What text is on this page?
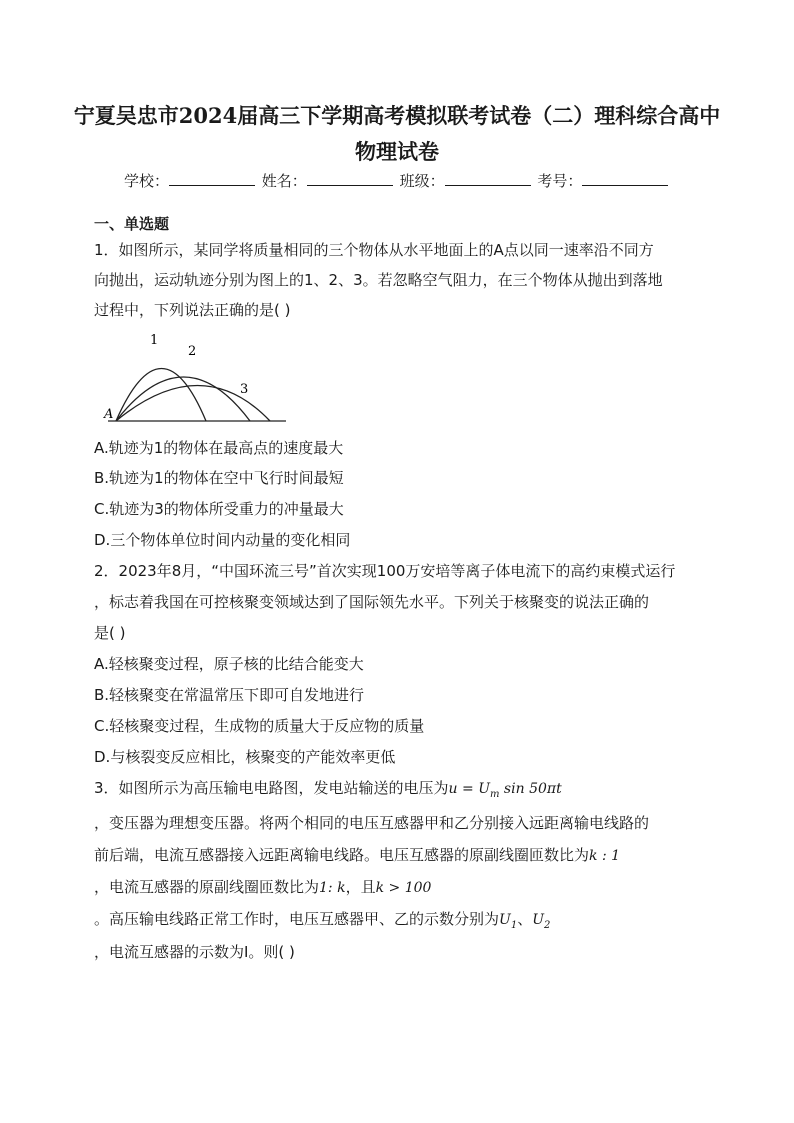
宁夏吴忠市2024届高三下学期高考模拟联考试卷（二）理科综合高中
物理试卷
学校：	姓名：	班级：	考号：
一、单选题
1．如图所示，某同学将质量相同的三个物体从水平地面上的A点以同一速率沿不同方
向抛出，运动轨迹分别为图上的1、2、3。若忽略空气阻力，在三个物体从抛出到落地
过程中，下列说法正确的是( )
1
2
3
A
A.轨迹为1的物体在最高点的速度最大
B.轨迹为1的物体在空中飞行时间最短
C.轨迹为3的物体所受重力的冲量最大
D.三个物体单位时间内动量的变化相同
2．2023年8月，“中国环流三号”首次实现100万安培等离子体电流下的高约束模式运行
，标志着我国在可控核聚变领域达到了国际领先水平。下列关于核聚变的说法正确的
是( )
A.轻核聚变过程，原子核的比结合能变大
B.轻核聚变在常温常压下即可自发地进行
C.轻核聚变过程，生成物的质量大于反应物的质量
D.与核裂变反应相比，核聚变的产能效率更低
3．如图所示为高压输电电路图，发电站输送的电压为$u = U_m$ sin 50πt
，变压器为理想变压器。将两个相同的电压互感器甲和乙分别接入远距离输电线路的
前后端，电流互感器接入远距离输电线路。电压互感器的原副线圈匝数比为k : 1
，电流互感器的原副线圈匝数比为1: k，且k > 100
。高压输电线路正常工作时，电压互感器甲、乙的示数分别为$U_1$、$U_2$
，电流互感器的示数为I。则( )
